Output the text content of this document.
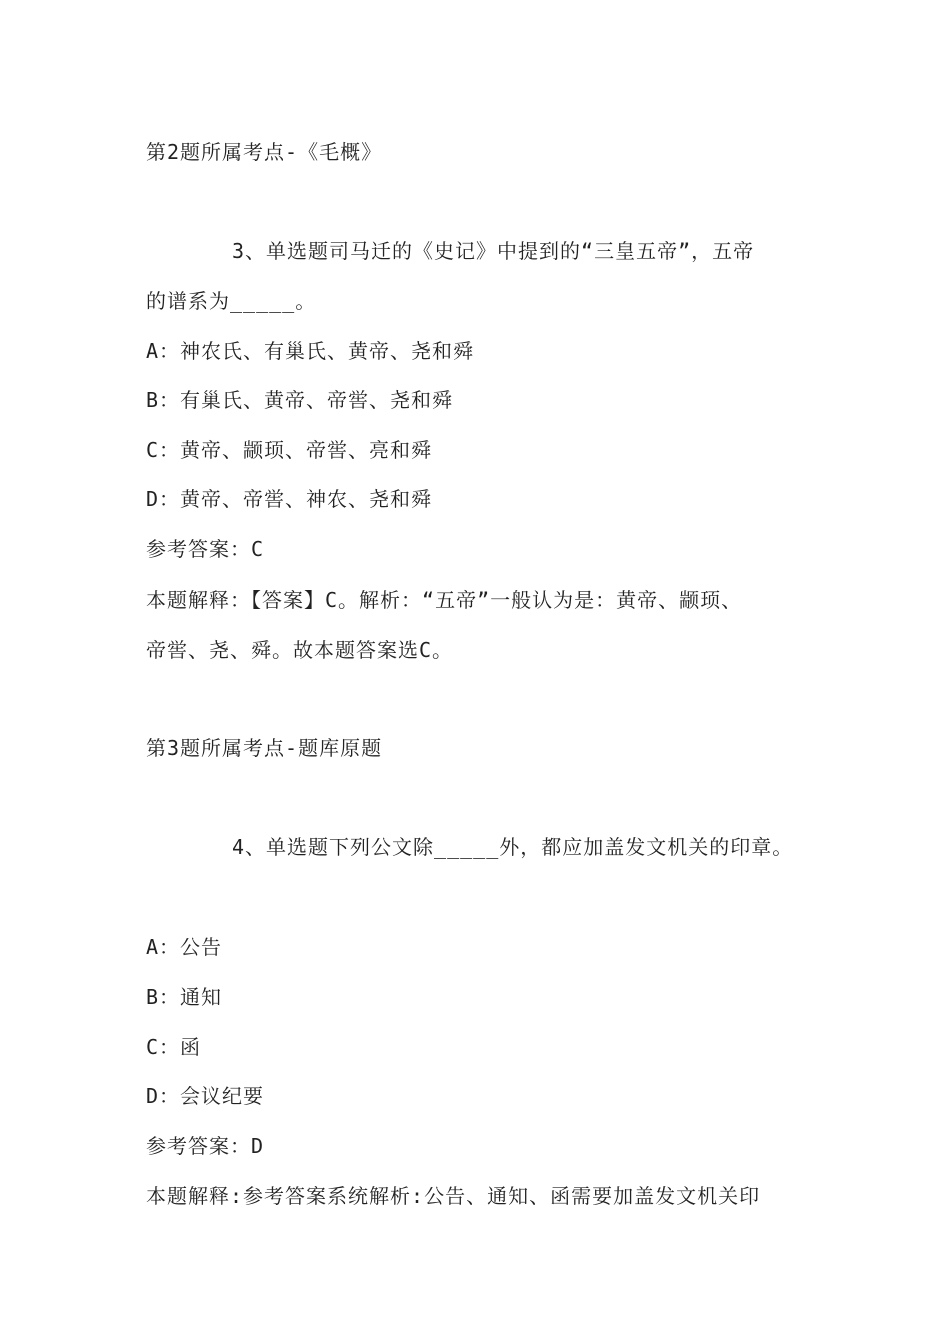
第2题所属考点-《毛概》
3、单选题司马迁的《史记》中提到的“三皇五帝”，五帝
的谱系为_____。
A：神农氏、有巢氏、黄帝、尧和舜
B：有巢氏、黄帝、帝喾、尧和舜
C：黄帝、颛顼、帝喾、亮和舜
D：黄帝、帝喾、神农、尧和舜
参考答案：C
本题解释：【答案】C。解析：“五帝”一般认为是：黄帝、颛顼、
帝喾、尧、舜。故本题答案选C。
第3题所属考点-题库原题
4、单选题下列公文除_____外，都应加盖发文机关的印章。
A：公告
B：通知
C：函
D：会议纪要
参考答案：D
本题解释:参考答案系统解析:公告、通知、函需要加盖发文机关印
